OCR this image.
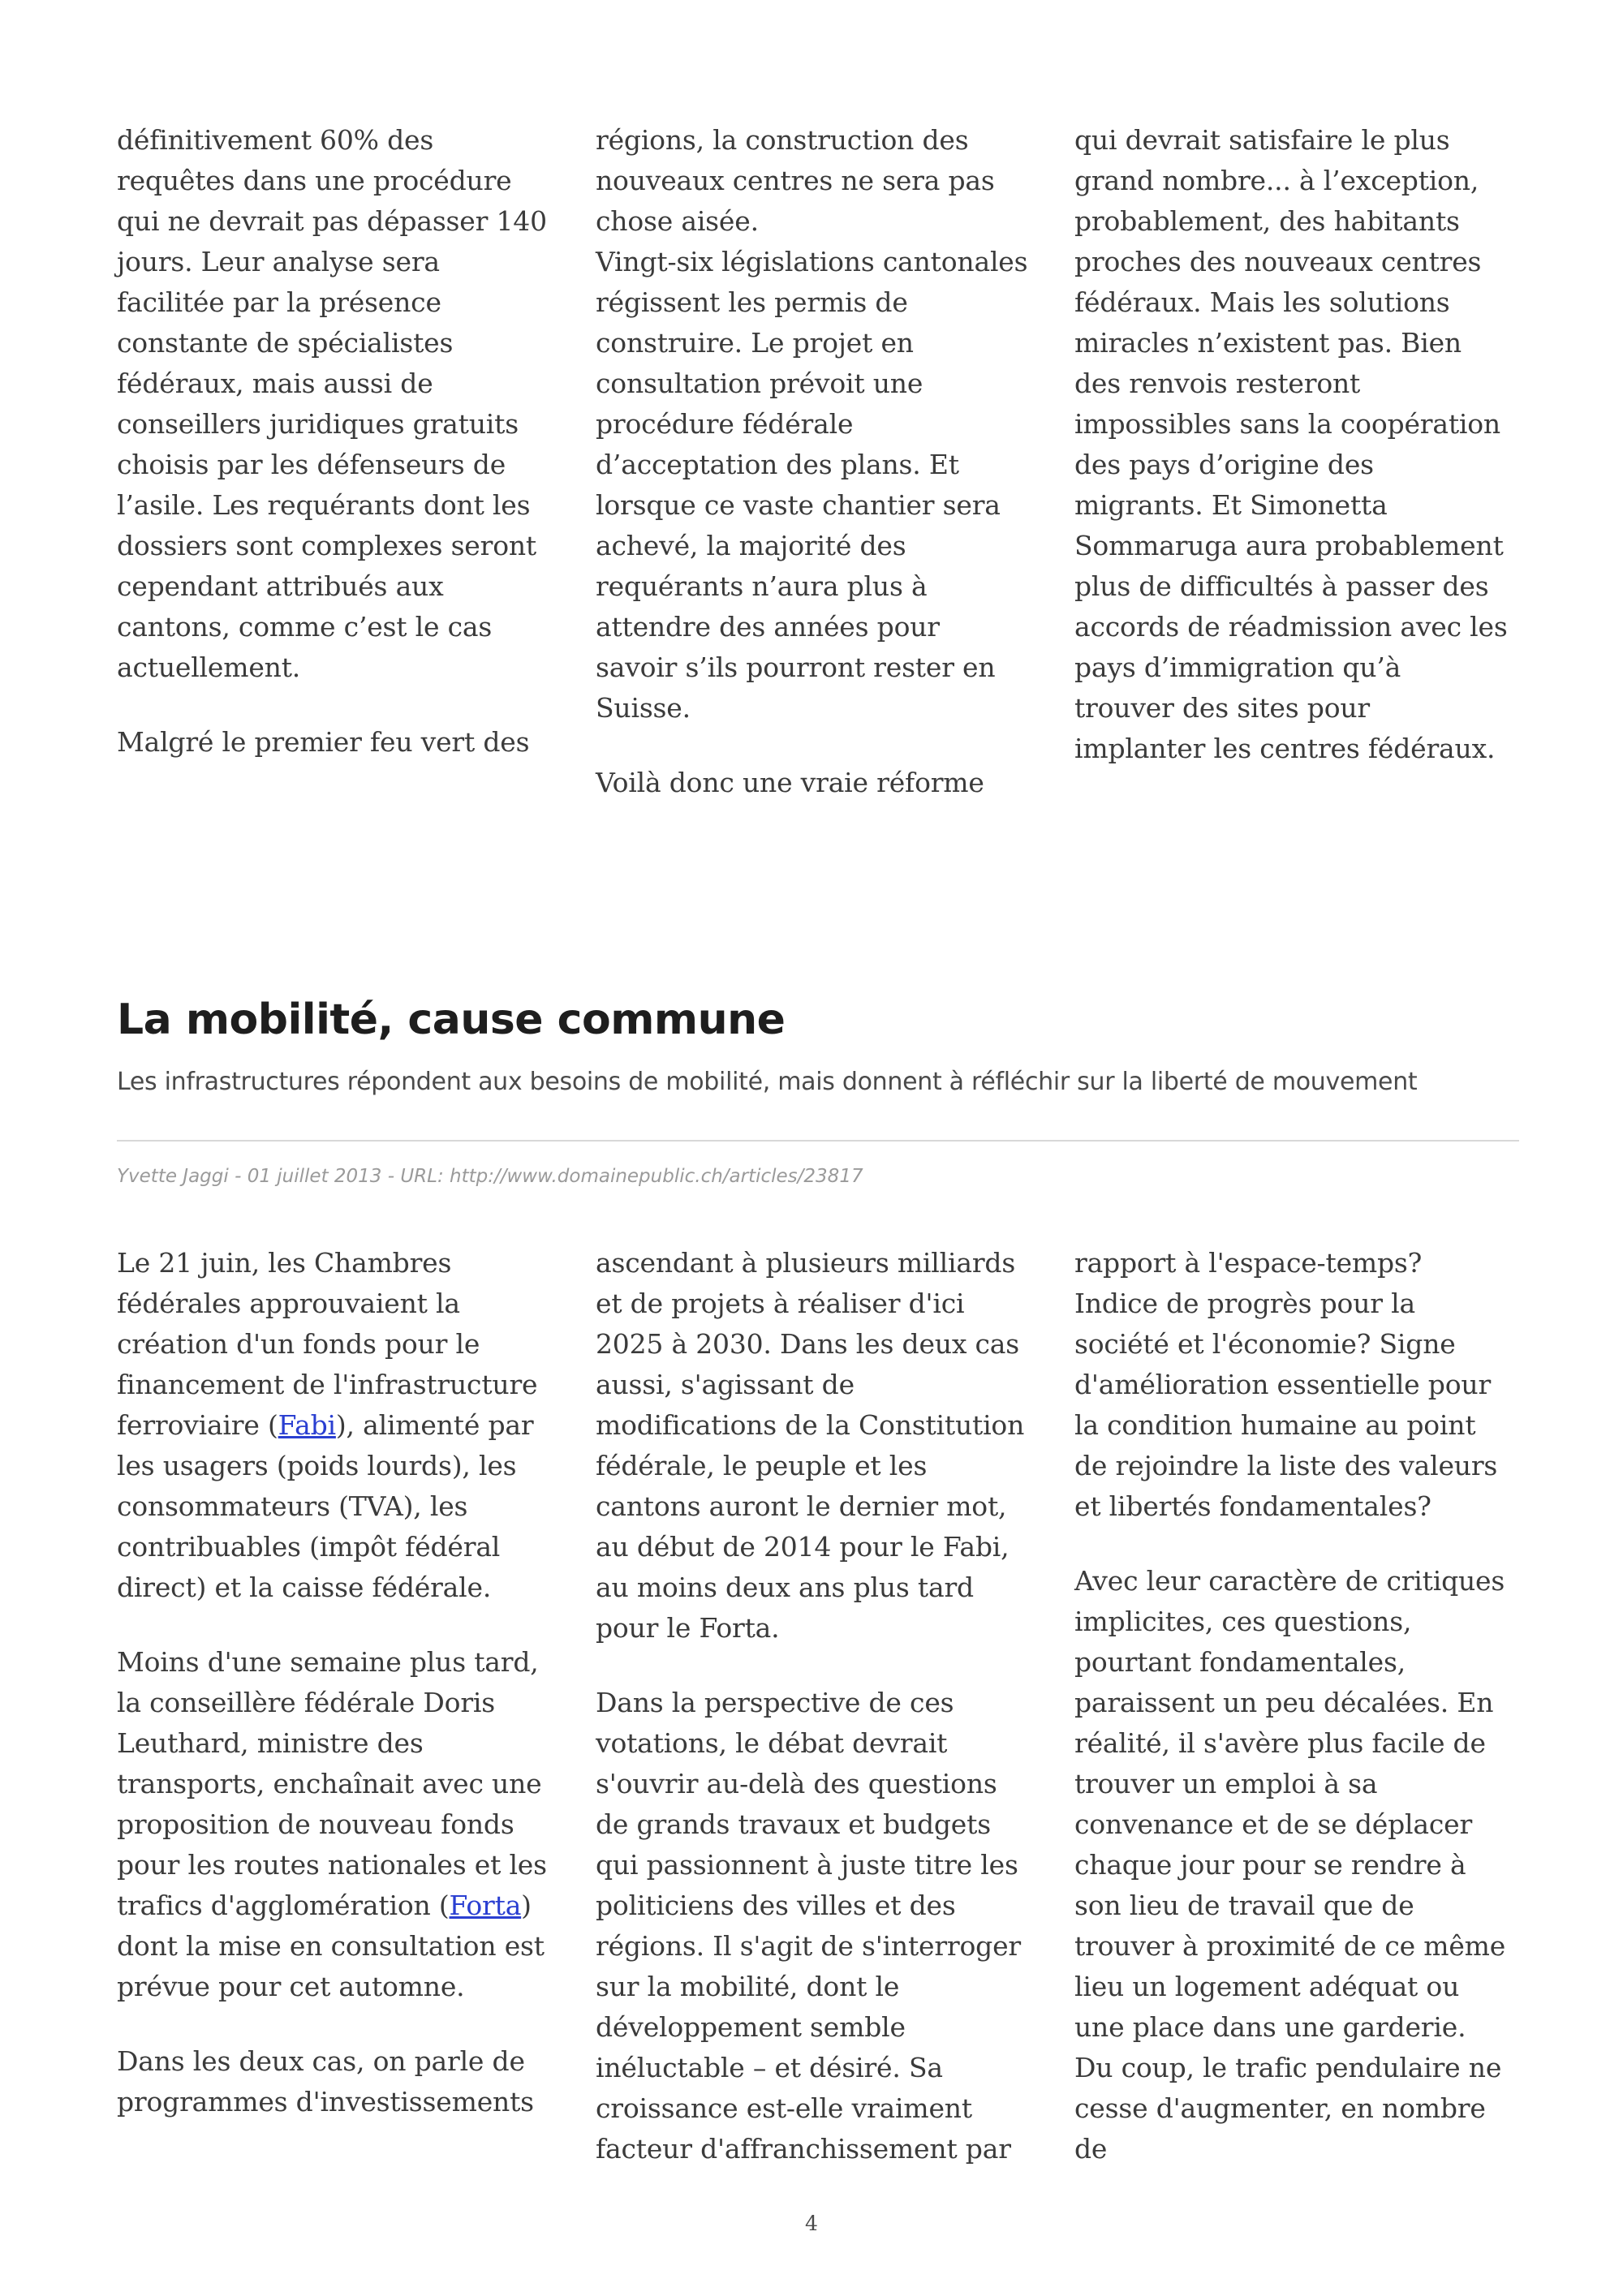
définitivement 60% des requêtes dans une procédure qui ne devrait pas dépasser 140 jours. Leur analyse sera facilitée par la présence constante de spécialistes fédéraux, mais aussi de conseillers juridiques gratuits choisis par les défenseurs de l’asile. Les requérants dont les dossiers sont complexes seront cependant attribués aux cantons, comme c’est le cas actuellement.

Malgré le premier feu vert des

régions, la construction des nouveaux centres ne sera pas chose aisée.

Vingt-six législations cantonales régissent les permis de construire. Le projet en consultation prévoit une procédure fédérale d’acceptation des plans. Et lorsque ce vaste chantier sera achevé, la majorité des requérants n’aura plus à attendre des années pour savoir s’ils pourront rester en Suisse.

Voilà donc une vraie réforme

qui devrait satisfaire le plus grand nombre... à l’exception, probablement, des habitants proches des nouveaux centres fédéraux. Mais les solutions miracles n’existent pas. Bien des renvois resteront impossibles sans la coopération des pays d’origine des migrants. Et Simonetta Sommaruga aura probablement plus de difficultés à passer des accords de réadmission avec les pays d’immigration qu’à trouver des sites pour implanter les centres fédéraux.

La mobilité, cause commune

Les infrastructures répondent aux besoins de mobilité, mais donnent à réfléchir sur la liberté de mouvement

Yvette Jaggi - 01 juillet 2013 - URL: http://www.domainepublic.ch/articles/23817

Le 21 juin, les Chambres fédérales approuvaient la création d'un fonds pour le financement de l'infrastructure ferroviaire (Fabi), alimenté par les usagers (poids lourds), les consommateurs (TVA), les contribuables (impôt fédéral direct) et la caisse fédérale.

Moins d'une semaine plus tard, la conseillère fédérale Doris Leuthard, ministre des transports, enchaînait avec une proposition de nouveau fonds pour les routes nationales et les trafics d'agglomération (Forta) dont la mise en consultation est prévue pour cet automne.

Dans les deux cas, on parle de programmes d'investissements

ascendant à plusieurs milliards et de projets à réaliser d'ici 2025 à 2030. Dans les deux cas aussi, s'agissant de modifications de la Constitution fédérale, le peuple et les cantons auront le dernier mot, au début de 2014 pour le Fabi, au moins deux ans plus tard pour le Forta.

Dans la perspective de ces votations, le débat devrait s'ouvrir au-delà des questions de grands travaux et budgets qui passionnent à juste titre les politiciens des villes et des régions. Il s'agit de s'interroger sur la mobilité, dont le développement semble inéluctable – et désiré. Sa croissance est-elle vraiment facteur d'affranchissement par

rapport à l'espace-temps? Indice de progrès pour la société et l'économie? Signe d'amélioration essentielle pour la condition humaine au point de rejoindre la liste des valeurs et libertés fondamentales?

Avec leur caractère de critiques implicites, ces questions, pourtant fondamentales, paraissent un peu décalées. En réalité, il s'avère plus facile de trouver un emploi à sa convenance et de se déplacer chaque jour pour se rendre à son lieu de travail que de trouver à proximité de ce même lieu un logement adéquat ou une place dans une garderie. Du coup, le trafic pendulaire ne cesse d'augmenter, en nombre de

4
